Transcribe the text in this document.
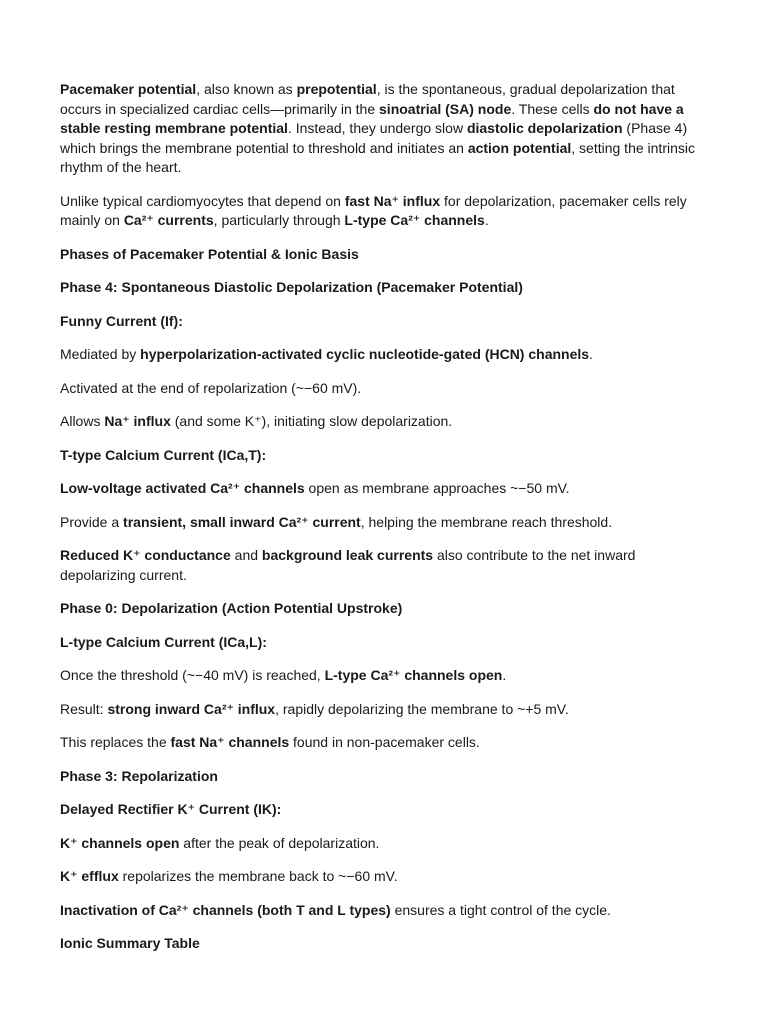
Pacemaker potential, also known as prepotential, is the spontaneous, gradual depolarization that occurs in specialized cardiac cells—primarily in the sinoatrial (SA) node. These cells do not have a stable resting membrane potential. Instead, they undergo slow diastolic depolarization (Phase 4) which brings the membrane potential to threshold and initiates an action potential, setting the intrinsic rhythm of the heart.

Unlike typical cardiomyocytes that depend on fast Na⁺ influx for depolarization, pacemaker cells rely mainly on Ca²⁺ currents, particularly through L-type Ca²⁺ channels.

Phases of Pacemaker Potential & Ionic Basis

Phase 4: Spontaneous Diastolic Depolarization (Pacemaker Potential)

Funny Current (If):

Mediated by hyperpolarization-activated cyclic nucleotide-gated (HCN) channels.

Activated at the end of repolarization (~−60 mV).

Allows Na⁺ influx (and some K⁺), initiating slow depolarization.

T-type Calcium Current (ICa,T):

Low-voltage activated Ca²⁺ channels open as membrane approaches ~−50 mV.

Provide a transient, small inward Ca²⁺ current, helping the membrane reach threshold.

Reduced K⁺ conductance and background leak currents also contribute to the net inward depolarizing current.

Phase 0: Depolarization (Action Potential Upstroke)

L-type Calcium Current (ICa,L):

Once the threshold (~−40 mV) is reached, L-type Ca²⁺ channels open.

Result: strong inward Ca²⁺ influx, rapidly depolarizing the membrane to ~+5 mV.

This replaces the fast Na⁺ channels found in non-pacemaker cells.

Phase 3: Repolarization

Delayed Rectifier K⁺ Current (IK):

K⁺ channels open after the peak of depolarization.

K⁺ efflux repolarizes the membrane back to ~−60 mV.

Inactivation of Ca²⁺ channels (both T and L types) ensures a tight control of the cycle.

Ionic Summary Table
